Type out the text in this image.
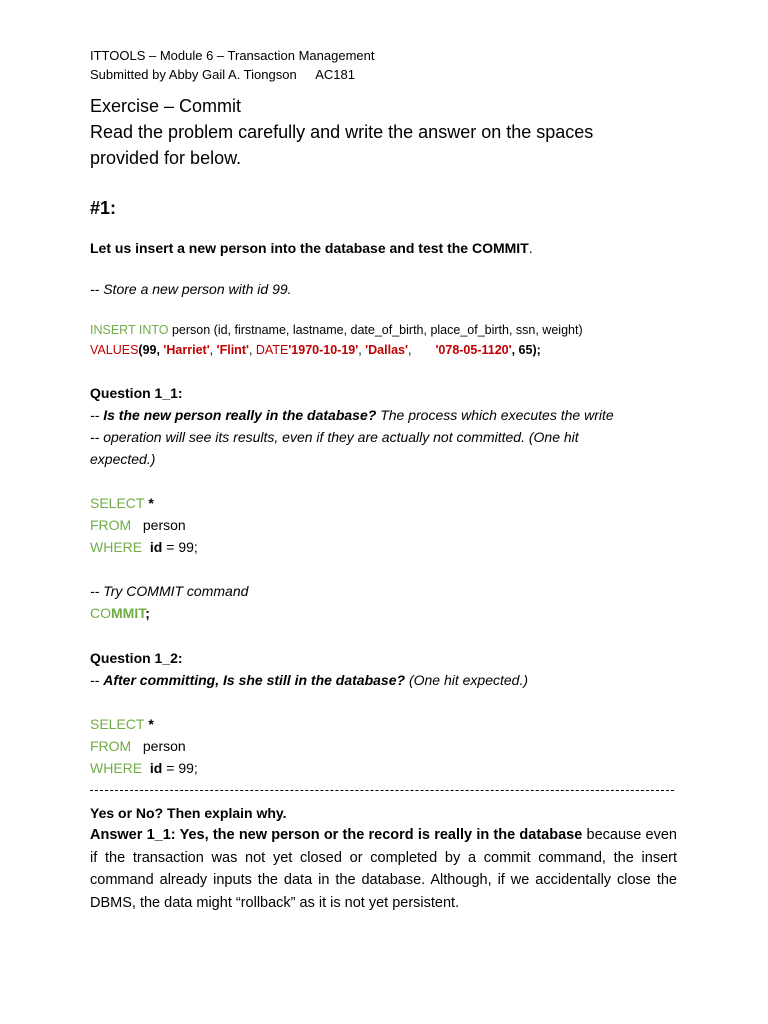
ITTOOLS – Module 6 – Transaction Management
Submitted by Abby Gail A. Tiongson AC181
Exercise – Commit
Read the problem carefully and write the answer on the spaces
provided for below.
#1:
Let us insert a new person into the database and test the COMMIT.
-- Store a new person with id 99.
INSERT INTO person (id, firstname, lastname, date_of_birth, place_of_birth, ssn, weight)
VALUES(99, 'Harriet', 'Flint', DATE'1970-10-19', 'Dallas', '078-05-1120', 65);
Question 1_1:
-- Is the new person really in the database? The process which executes the write
-- operation will see its results, even if they are actually not committed. (One hit
expected.)
SELECT *
FROM   person
WHERE  id = 99;
-- Try COMMIT command
COMMIT;
Question 1_2:
-- After committing, Is she still in the database? (One hit expected.)
SELECT *
FROM   person
WHERE  id = 99;
Yes or No? Then explain why.
Answer 1_1: Yes, the new person or the record is really in the database because even if the transaction was not yet closed or completed by a commit command, the insert command already inputs the data in the database. Although, if we accidentally close the DBMS, the data might “rollback” as it is not yet persistent.
